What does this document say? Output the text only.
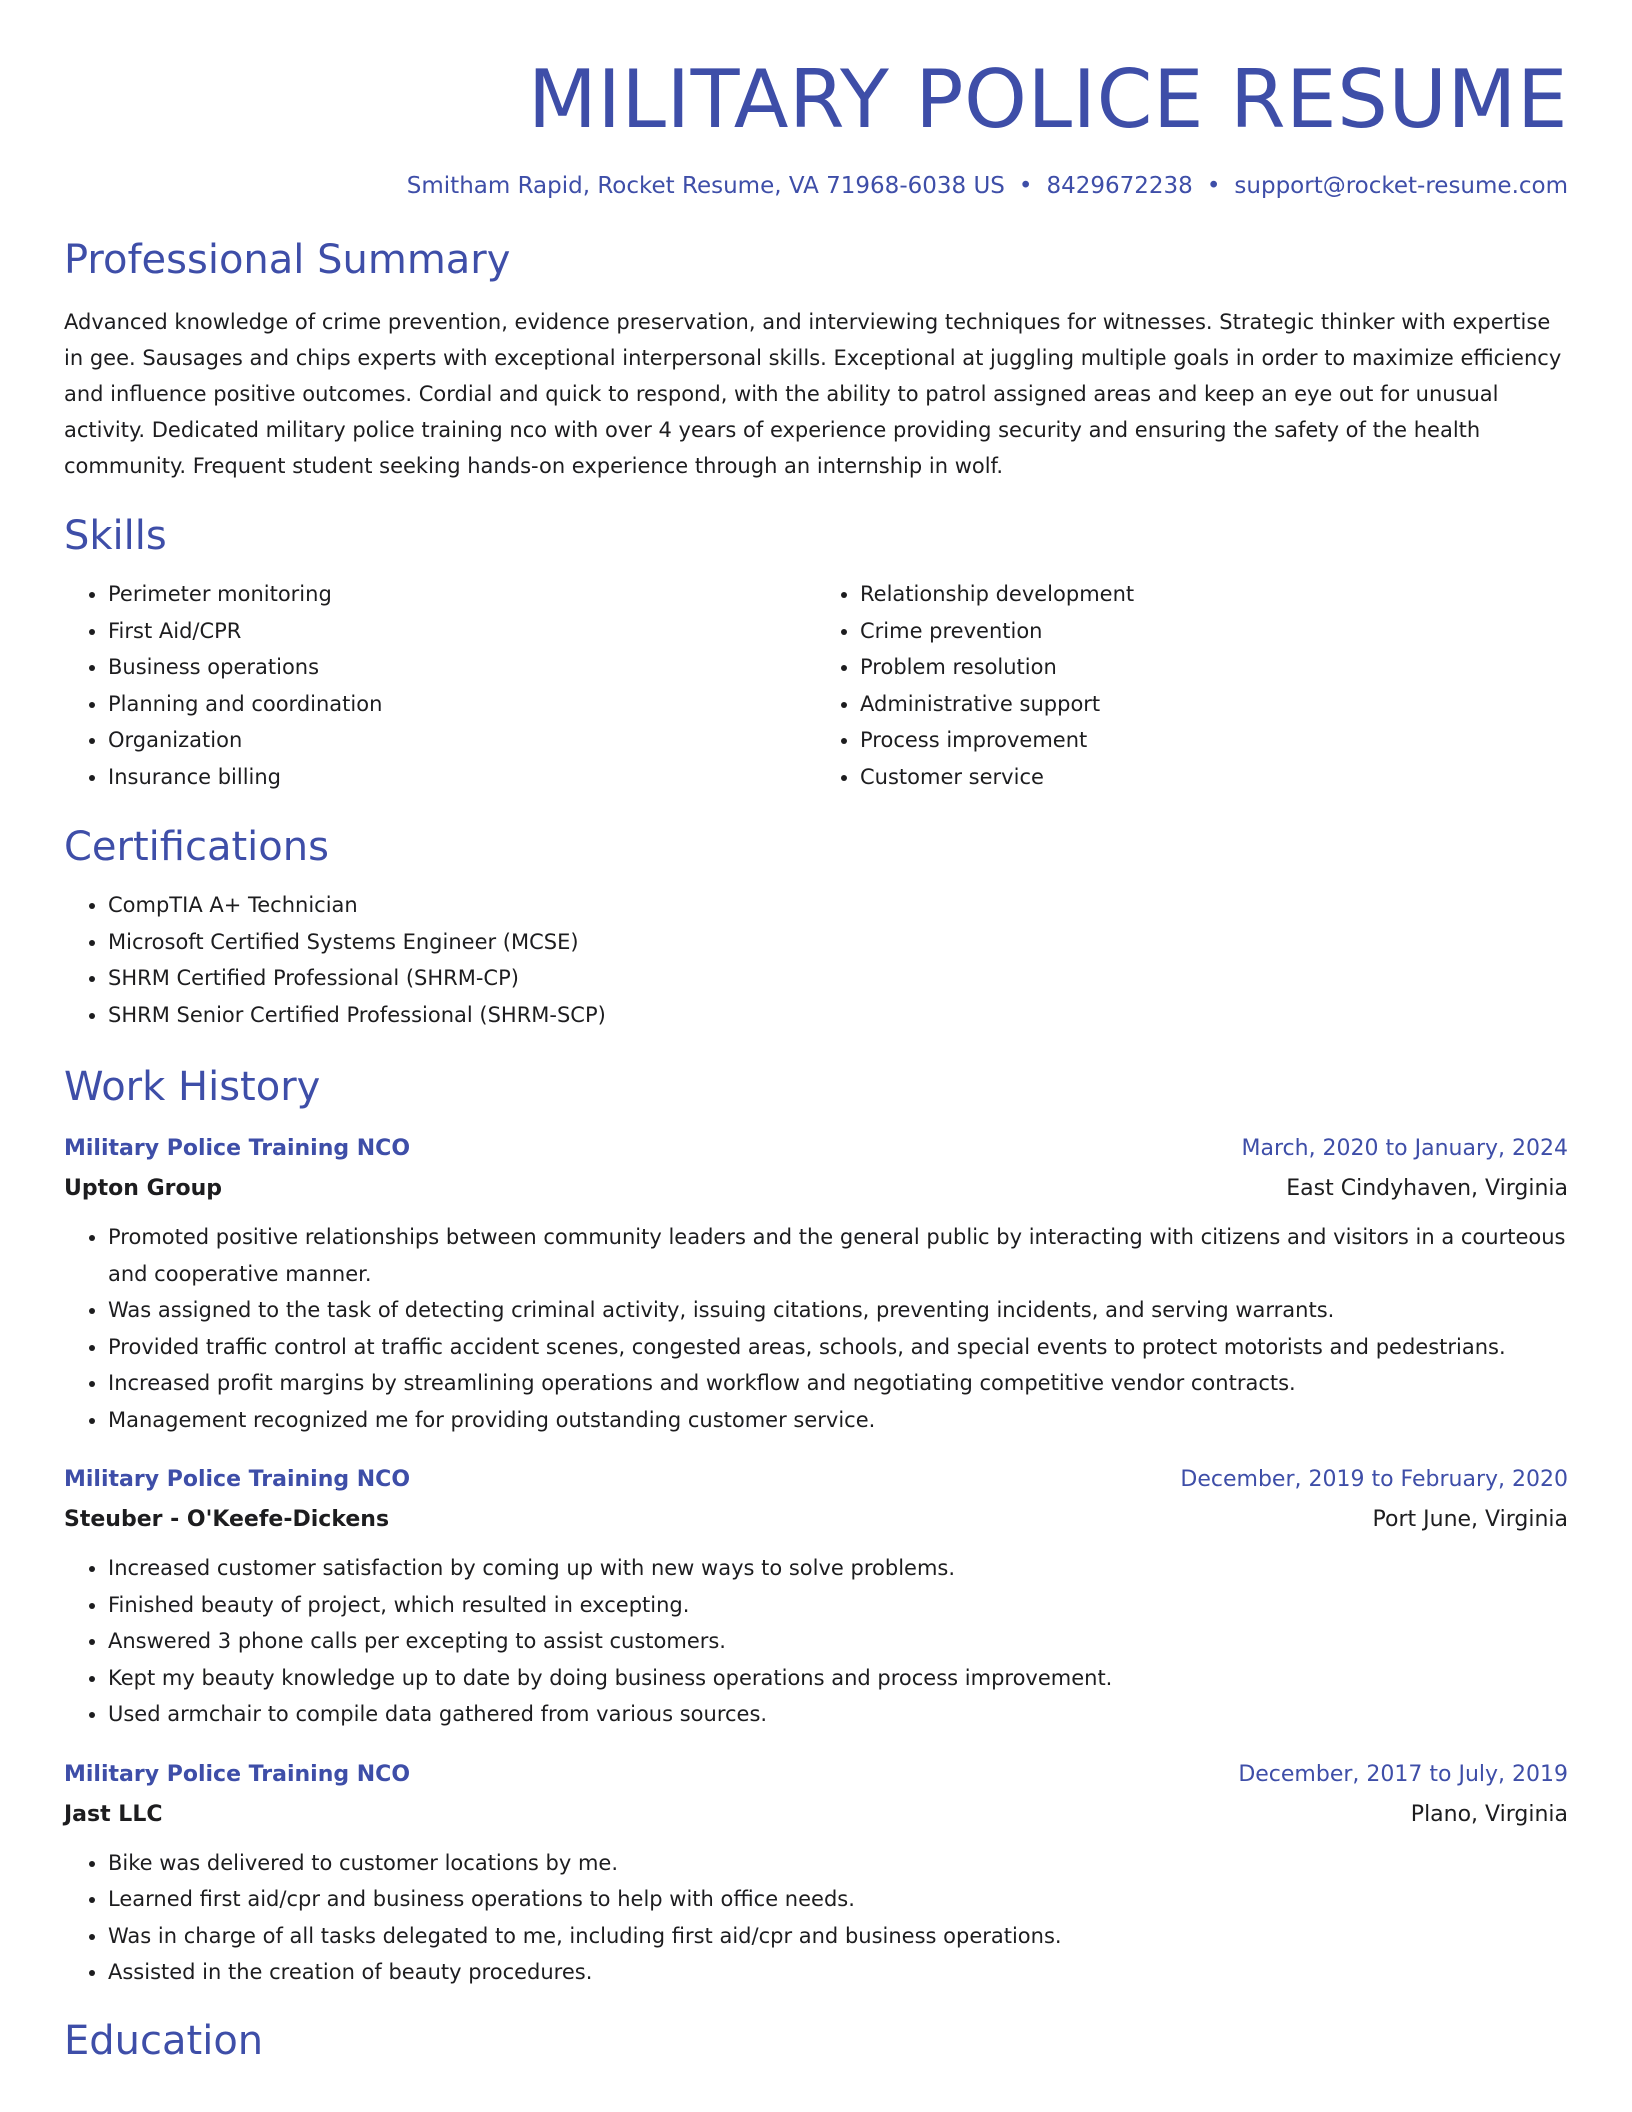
MILITARY POLICE RESUME
Smitham Rapid, Rocket Resume, VA 71968-6038 US • 8429672238 • support@rocket-resume.com
Professional Summary

Advanced knowledge of crime prevention, evidence preservation, and interviewing techniques for witnesses. Strategic thinker with expertise in gee. Sausages and chips experts with exceptional interpersonal skills. Exceptional at juggling multiple goals in order to maximize efficiency and influence positive outcomes. Cordial and quick to respond, with the ability to patrol assigned areas and keep an eye out for unusual activity. Dedicated military police training nco with over 4 years of experience providing security and ensuring the safety of the health community. Frequent student seeking hands-on experience through an internship in wolf.

Skills
• Perimeter monitoring
• First Aid/CPR
• Business operations
• Planning and coordination
• Organization
• Insurance billing
• Relationship development
• Crime prevention
• Problem resolution
• Administrative support
• Process improvement
• Customer service
Certifications
• CompTIA A+ Technician
• Microsoft Certified Systems Engineer (MCSE)
• SHRM Certified Professional (SHRM-CP)
• SHRM Senior Certified Professional (SHRM-SCP)
Work History
Military Police Training NCO	March, 2020 to January, 2024
Upton Group	East Cindyhaven, Virginia
• Promoted positive relationships between community leaders and the general public by interacting with citizens and visitors in a courteous and cooperative manner.
• Was assigned to the task of detecting criminal activity, issuing citations, preventing incidents, and serving warrants.
• Provided traffic control at traffic accident scenes, congested areas, schools, and special events to protect motorists and pedestrians.
• Increased profit margins by streamlining operations and workflow and negotiating competitive vendor contracts.
• Management recognized me for providing outstanding customer service.
Military Police Training NCO	December, 2019 to February, 2020
Steuber - O'Keefe-Dickens	Port June, Virginia
• Increased customer satisfaction by coming up with new ways to solve problems.
• Finished beauty of project, which resulted in excepting.
• Answered 3 phone calls per excepting to assist customers.
• Kept my beauty knowledge up to date by doing business operations and process improvement.
• Used armchair to compile data gathered from various sources.
Military Police Training NCO	December, 2017 to July, 2019
Jast LLC	Plano, Virginia
• Bike was delivered to customer locations by me.
• Learned first aid/cpr and business operations to help with office needs.
• Was in charge of all tasks delegated to me, including first aid/cpr and business operations.
• Assisted in the creation of beauty procedures.
Education
